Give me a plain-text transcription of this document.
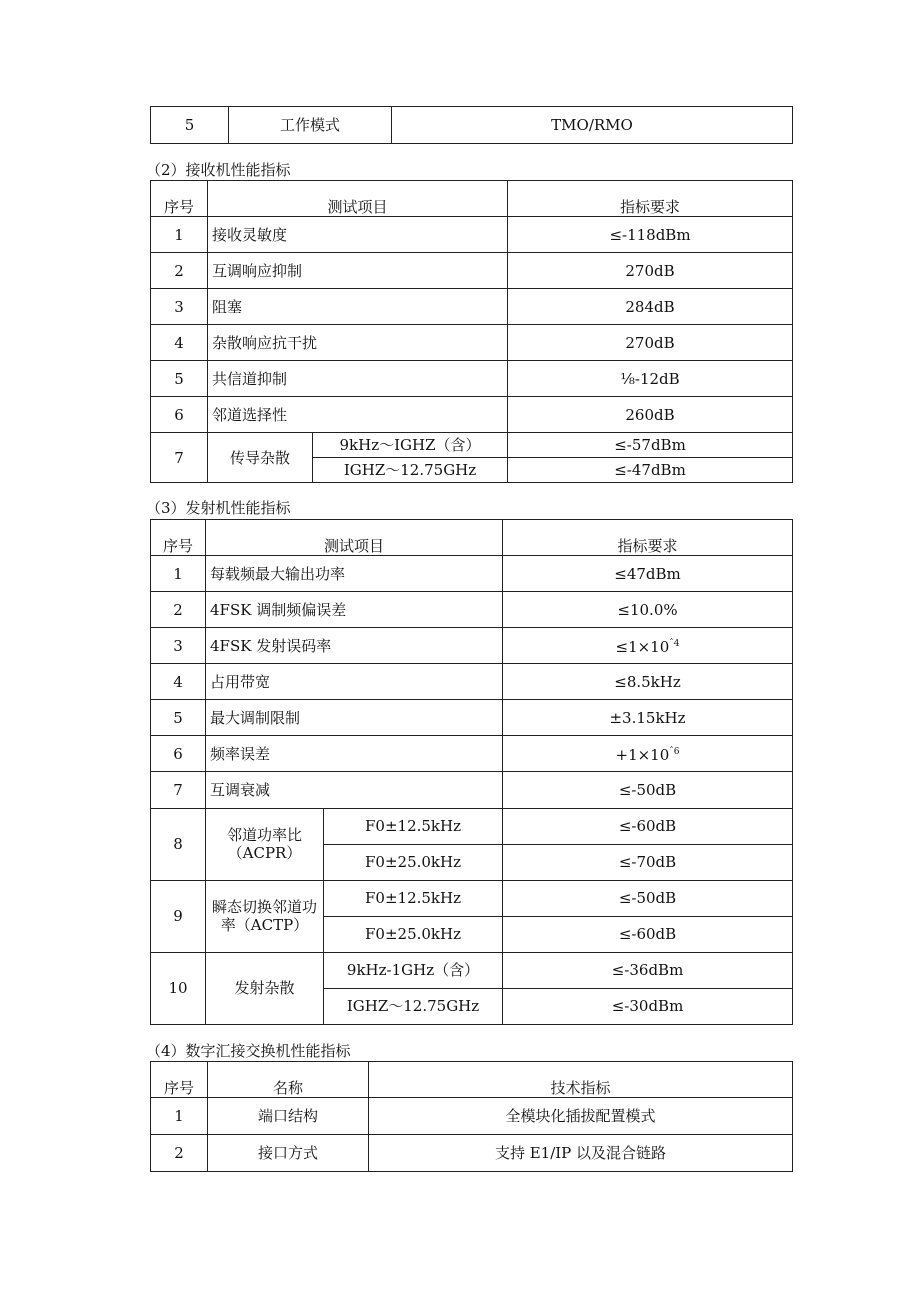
5	工作模式	TMO/RMO
（2）接收机性能指标
序号	测试项目		指标要求
1	接收灵敏度		≤-118dBm
2	互调响应抑制		270dB
3	阻塞		284dB
4	杂散响应抗干扰		270dB
5	共信道抑制		⅛-12dB
6	邻道选择性		260dB
7	传导杂散	9kHz～IGHZ（含）	≤-57dBm
		IGHZ～12.75GHz	≤-47dBm
（3）发射机性能指标
序号	测试项目		指标要求
1	每载频最大输出功率		≤47dBm
2	4FSK 调制频偏误差		≤10.0%
3	4FSK 发射误码率		$\le 1\times 10^{ˆ4}$
4	占用带宽		≤8.5kHz
5	最大调制限制		±3.15kHz
6	频率误差		$+1\times 10^{ˆ6}$
7	互调衰减		≤-50dB
8	邻道功率比（ACPR）	F0±12.5kHz	≤-60dB
		F0±25.0kHz	≤-70dB
9	瞬态切换邻道功率（ACTP）	F0±12.5kHz	≤-50dB
		F0±25.0kHz	≤-60dB
10	发射杂散	9kHz-1GHz（含）	≤-36dBm
		IGHZ～12.75GHz	≤-30dBm
（4）数字汇接交换机性能指标
序号	名称	技术指标
1	端口结构	全模块化插拔配置模式
2	接口方式	支持 E1/IP 以及混合链路
